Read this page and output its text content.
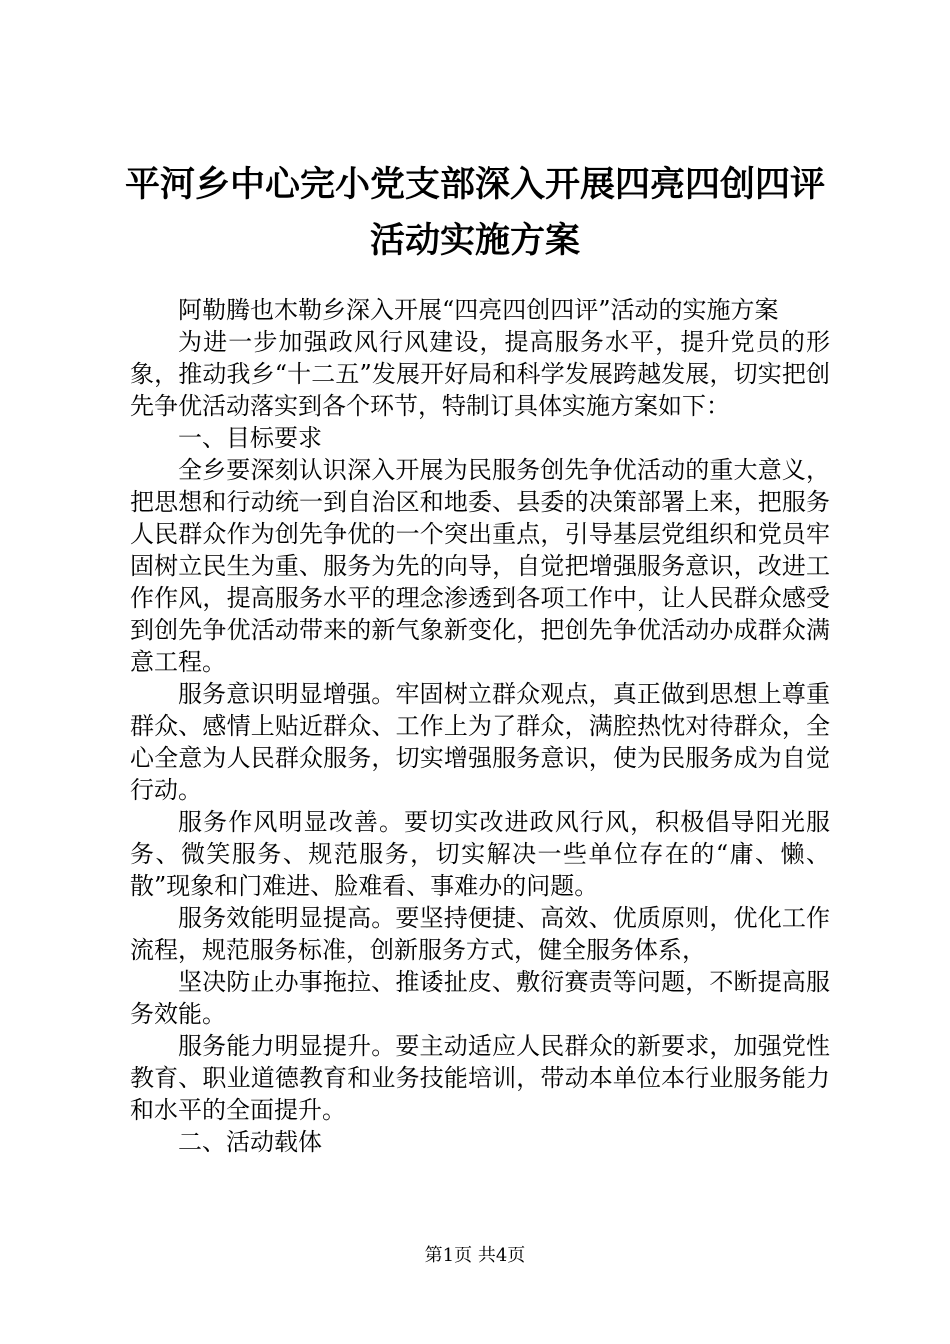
平河乡中心完小党支部深入开展四亮四创四评
活动实施方案

阿勒腾也木勒乡深入开展“四亮四创四评”活动的实施方案

为进一步加强政风行风建设，提高服务水平，提升党员的形象，推动我乡“十二五”发展开好局和科学发展跨越发展，切实把创先争优活动落实到各个环节，特制订具体实施方案如下：

一、目标要求

全乡要深刻认识深入开展为民服务创先争优活动的重大意义，把思想和行动统一到自治区和地委、县委的决策部署上来，把服务人民群众作为创先争优的一个突出重点，引导基层党组织和党员牢固树立民生为重、服务为先的向导，自觉把增强服务意识，改进工作作风，提高服务水平的理念渗透到各项工作中，让人民群众感受到创先争优活动带来的新气象新变化，把创先争优活动办成群众满意工程。

服务意识明显增强。牢固树立群众观点，真正做到思想上尊重群众、感情上贴近群众、工作上为了群众，满腔热忱对待群众，全心全意为人民群众服务，切实增强服务意识，使为民服务成为自觉行动。

服务作风明显改善。要切实改进政风行风，积极倡导阳光服务、微笑服务、规范服务，切实解决一些单位存在的“庸、懒、散”现象和门难进、脸难看、事难办的问题。

服务效能明显提高。要坚持便捷、高效、优质原则，优化工作流程，规范服务标准，创新服务方式，健全服务体系，

坚决防止办事拖拉、推诿扯皮、敷衍赛责等问题，不断提高服务效能。

服务能力明显提升。要主动适应人民群众的新要求，加强党性教育、职业道德教育和业务技能培训，带动本单位本行业服务能力和水平的全面提升。

二、活动载体

第1页 共4页
